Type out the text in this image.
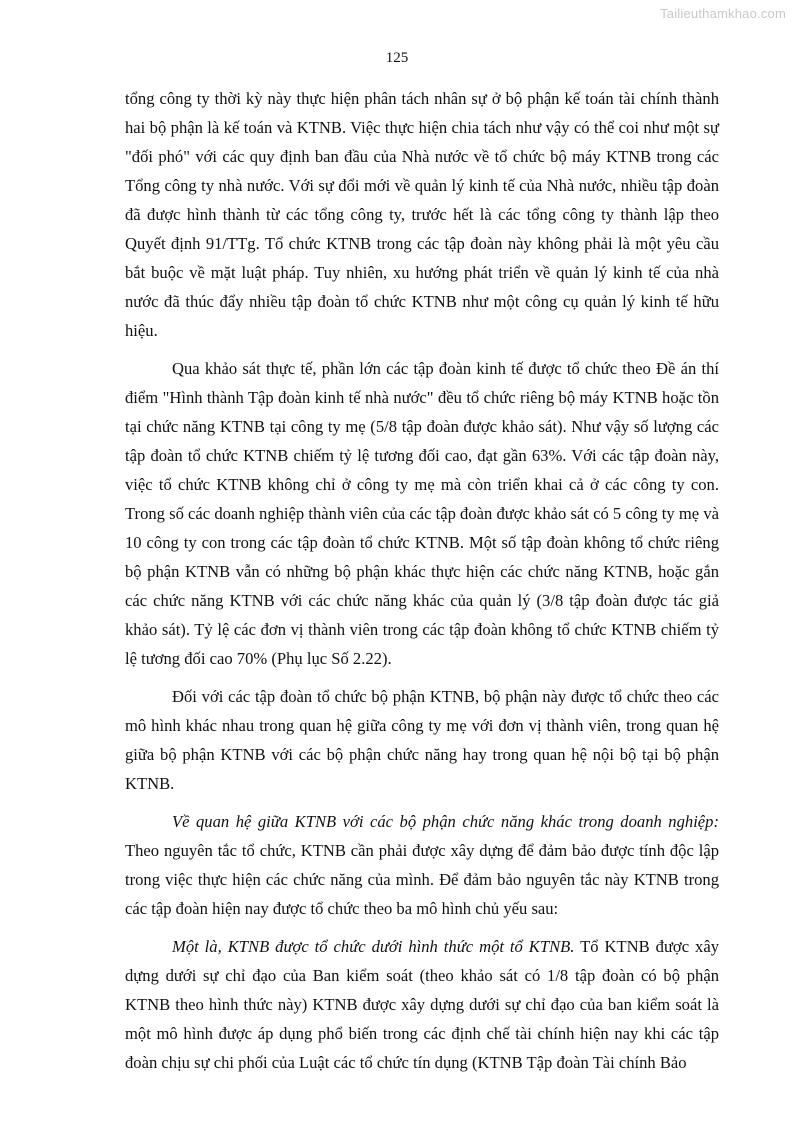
Tailieuthamkhao.com
125

tổng công ty thời kỳ này thực hiện phân tách nhân sự ở bộ phận kế toán tài chính thành hai bộ phận là kế toán và KTNB. Việc thực hiện chia tách như vậy có thể coi như một sự "đối phó" với các quy định ban đầu của Nhà nước về tổ chức bộ máy KTNB trong các Tổng công ty nhà nước. Với sự đổi mới về quản lý kinh tế của Nhà nước, nhiều tập đoàn đã được hình thành từ các tổng công ty, trước hết là các tổng công ty thành lập theo Quyết định 91/TTg. Tổ chức KTNB trong các tập đoàn này không phải là một yêu cầu bắt buộc về mặt luật pháp. Tuy nhiên, xu hướng phát triển về quản lý kinh tế của nhà nước đã thúc đẩy nhiều tập đoàn tổ chức KTNB như một công cụ quản lý kinh tế hữu hiệu.

Qua khảo sát thực tế, phần lớn các tập đoàn kinh tế được tổ chức theo Đề án thí điểm "Hình thành Tập đoàn kinh tế nhà nước" đều tổ chức riêng bộ máy KTNB hoặc tồn tại chức năng KTNB tại công ty mẹ (5/8 tập đoàn được khảo sát). Như vậy số lượng các tập đoàn tổ chức KTNB chiếm tỷ lệ tương đối cao, đạt gần 63%. Với các tập đoàn này, việc tổ chức KTNB không chỉ ở công ty mẹ mà còn triển khai cả ở các công ty con. Trong số các doanh nghiệp thành viên của các tập đoàn được khảo sát có 5 công ty mẹ và 10 công ty con trong các tập đoàn tổ chức KTNB. Một số tập đoàn không tổ chức riêng bộ phận KTNB vẫn có những bộ phận khác thực hiện các chức năng KTNB, hoặc gắn các chức năng KTNB với các chức năng khác của quản lý (3/8 tập đoàn được tác giả khảo sát). Tỷ lệ các đơn vị thành viên trong các tập đoàn không tổ chức KTNB chiếm tỷ lệ tương đối cao 70% (Phụ lục Số 2.22).

Đối với các tập đoàn tổ chức bộ phận KTNB, bộ phận này được tổ chức theo các mô hình khác nhau trong quan hệ giữa công ty mẹ với đơn vị thành viên, trong quan hệ giữa bộ phận KTNB với các bộ phận chức năng hay trong quan hệ nội bộ tại bộ phận KTNB.

Về quan hệ giữa KTNB với các bộ phận chức năng khác trong doanh nghiệp: Theo nguyên tắc tổ chức, KTNB cần phải được xây dựng để đảm bảo được tính độc lập trong việc thực hiện các chức năng của mình. Để đảm bảo nguyên tắc này KTNB trong các tập đoàn hiện nay được tổ chức theo ba mô hình chủ yếu sau:

Một là, KTNB được tổ chức dưới hình thức một tổ KTNB. Tổ KTNB được xây dựng dưới sự chỉ đạo của Ban kiểm soát (theo khảo sát có 1/8 tập đoàn có bộ phận KTNB theo hình thức này) KTNB được xây dựng dưới sự chỉ đạo của ban kiểm soát là một mô hình được áp dụng phổ biến trong các định chế tài chính hiện nay khi các tập đoàn chịu sự chi phối của Luật các tổ chức tín dụng (KTNB Tập đoàn Tài chính Bảo
